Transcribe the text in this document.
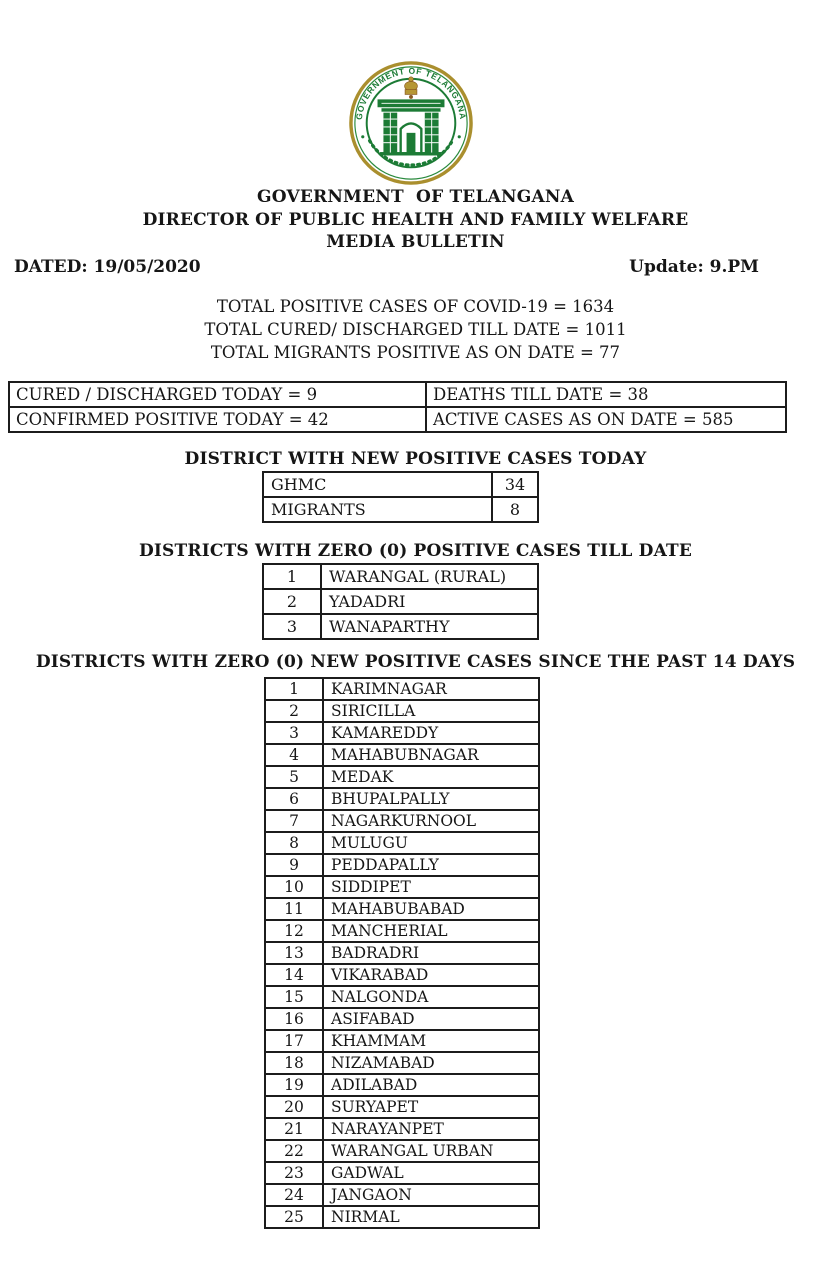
GOVERNMENT OF TELANGANA
GOVERNMENT  OF TELANGANA
DIRECTOR OF PUBLIC HEALTH AND FAMILY WELFARE
MEDIA BULLETIN
DATED: 19/05/2020	Update: 9.PM
TOTAL POSITIVE CASES OF COVID-19 = 1634
TOTAL CURED/ DISCHARGED TILL DATE = 1011
TOTAL MIGRANTS POSITIVE AS ON DATE = 77
CURED / DISCHARGED TODAY = 9	DEATHS TILL DATE = 38
CONFIRMED POSITIVE TODAY = 42	ACTIVE CASES AS ON DATE = 585
DISTRICT WITH NEW POSITIVE CASES TODAY
GHMC	34
MIGRANTS	8
DISTRICTS WITH ZERO (0) POSITIVE CASES TILL DATE
1	WARANGAL (RURAL)
2	YADADRI
3	WANAPARTHY
DISTRICTS WITH ZERO (0) NEW POSITIVE CASES SINCE THE PAST 14 DAYS
1	KARIMNAGAR
2	SIRICILLA
3	KAMAREDDY
4	MAHABUBNAGAR
5	MEDAK
6	BHUPALPALLY
7	NAGARKURNOOL
8	MULUGU
9	PEDDAPALLY
10	SIDDIPET
11	MAHABUBABAD
12	MANCHERIAL
13	BADRADRI
14	VIKARABAD
15	NALGONDA
16	ASIFABAD
17	KHAMMAM
18	NIZAMABAD
19	ADILABAD
20	SURYAPET
21	NARAYANPET
22	WARANGAL URBAN
23	GADWAL
24	JANGAON
25	NIRMAL
